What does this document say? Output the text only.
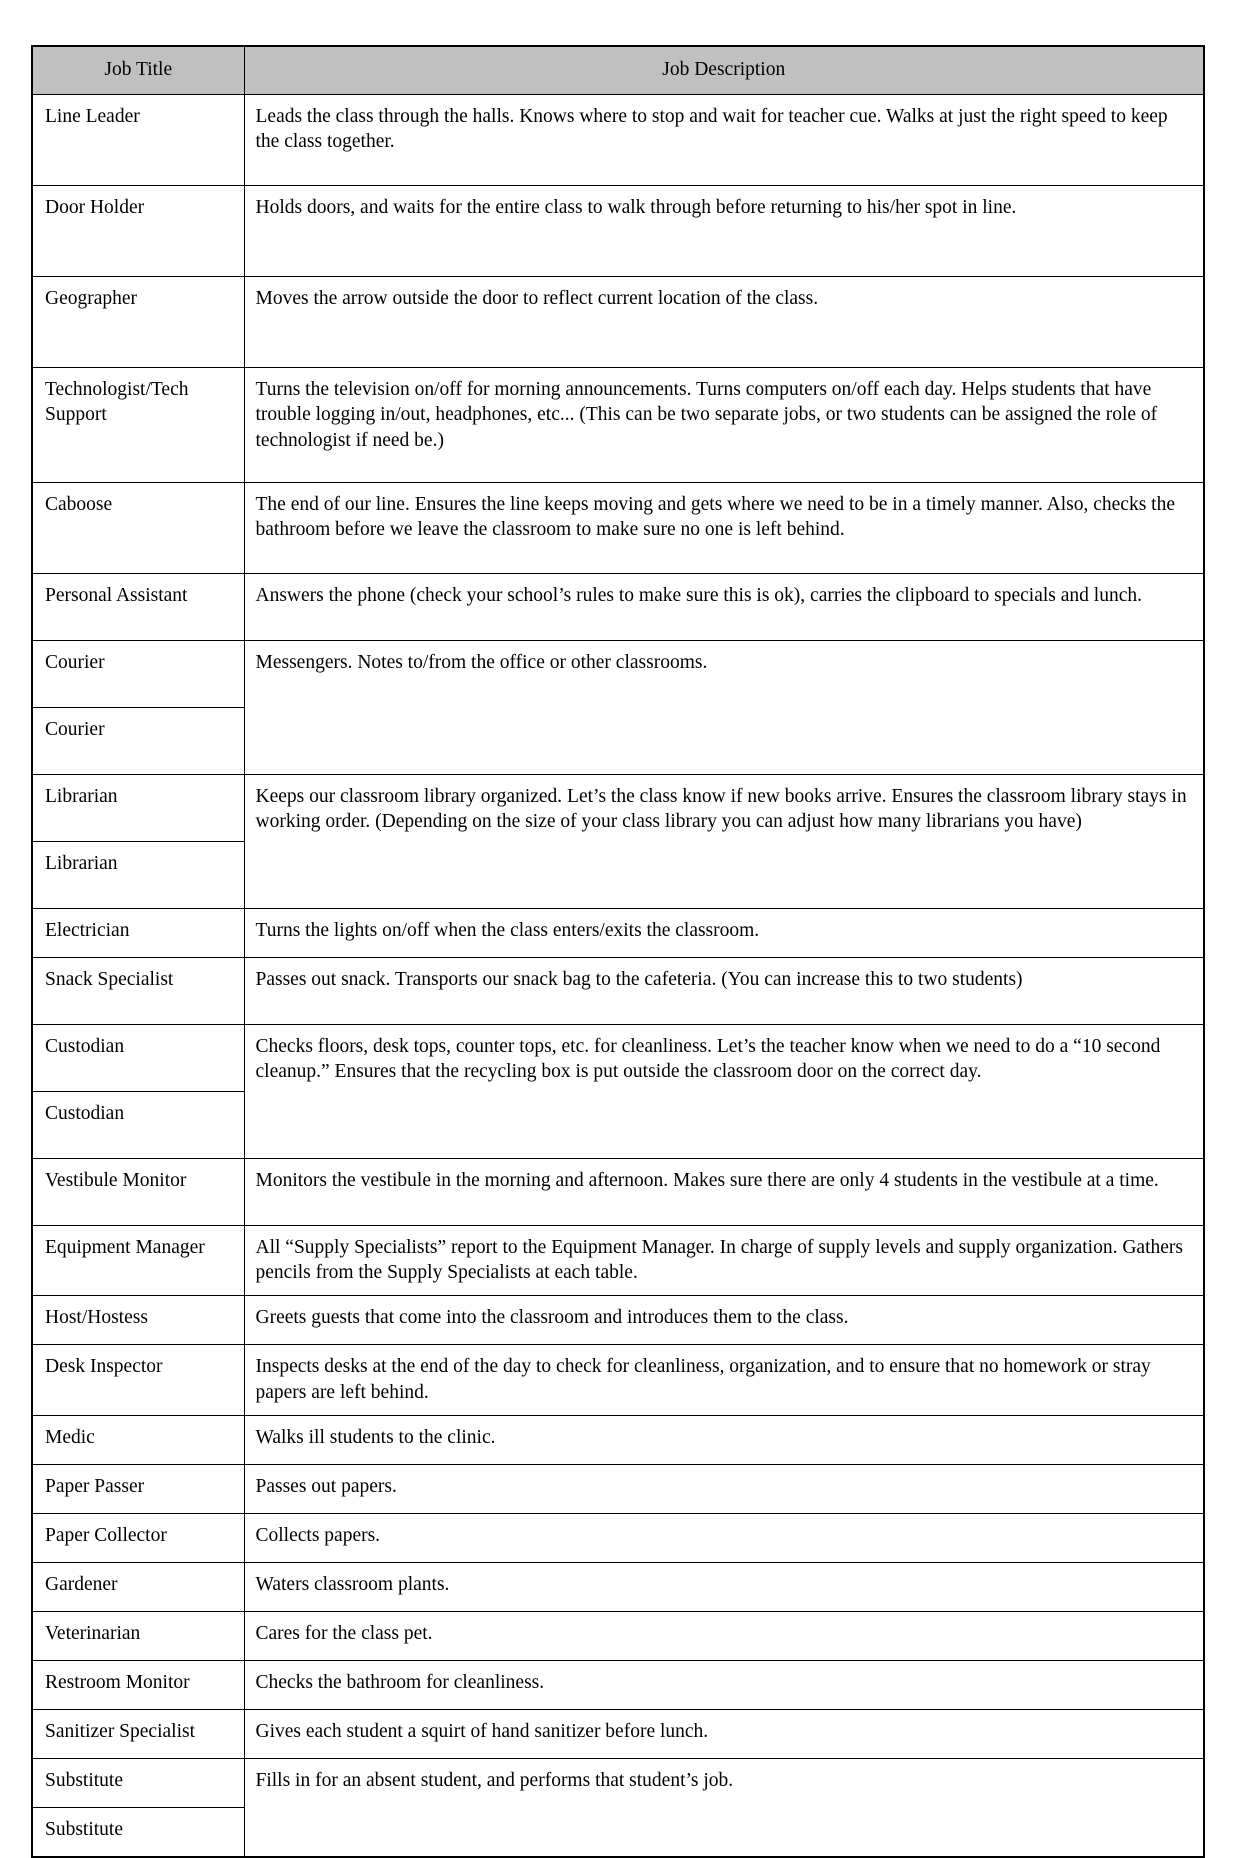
Job Title	Job Description
Line Leader	Leads the class through the halls. Knows where to stop and wait for teacher cue. Walks at just the right speed to keep the class together.
Door Holder	Holds doors, and waits for the entire class to walk through before returning to his/her spot in line.
Geographer	Moves the arrow outside the door to reflect current location of the class.
Technologist/Tech Support	Turns the television on/off for morning announcements. Turns computers on/off each day. Helps students that have trouble logging in/out, headphones, etc... (This can be two separate jobs, or two students can be assigned the role of technologist if need be.)
Caboose	The end of our line. Ensures the line keeps moving and gets where we need to be in a timely manner. Also, checks the bathroom before we leave the classroom to make sure no one is left behind.
Personal Assistant	Answers the phone (check your school’s rules to make sure this is ok), carries the clipboard to specials and lunch.
Courier	Messengers. Notes to/from the office or other classrooms.
Courier	
Librarian	Keeps our classroom library organized. Let’s the class know if new books arrive. Ensures the classroom library stays in working order. (Depending on the size of your class library you can adjust how many librarians you have)
Librarian	
Electrician	Turns the lights on/off when the class enters/exits the classroom.
Snack Specialist	Passes out snack. Transports our snack bag to the cafeteria. (You can increase this to two students)
Custodian	Checks floors, desk tops, counter tops, etc. for cleanliness. Let’s the teacher know when we need to do a “10 second cleanup.” Ensures that the recycling box is put outside the classroom door on the correct day.
Custodian	
Vestibule Monitor	Monitors the vestibule in the morning and afternoon. Makes sure there are only 4 students in the vestibule at a time.
Equipment Manager	All “Supply Specialists” report to the Equipment Manager. In charge of supply levels and supply organization. Gathers pencils from the Supply Specialists at each table.
Host/Hostess	Greets guests that come into the classroom and introduces them to the class.
Desk Inspector	Inspects desks at the end of the day to check for cleanliness, organization, and to ensure that no homework or stray papers are left behind.
Medic	Walks ill students to the clinic.
Paper Passer	Passes out papers.
Paper Collector	Collects papers.
Gardener	Waters classroom plants.
Veterinarian	Cares for the class pet.
Restroom Monitor	Checks the bathroom for cleanliness.
Sanitizer Specialist	Gives each student a squirt of hand sanitizer before lunch.
Substitute	Fills in for an absent student, and performs that student’s job.
Substitute	
